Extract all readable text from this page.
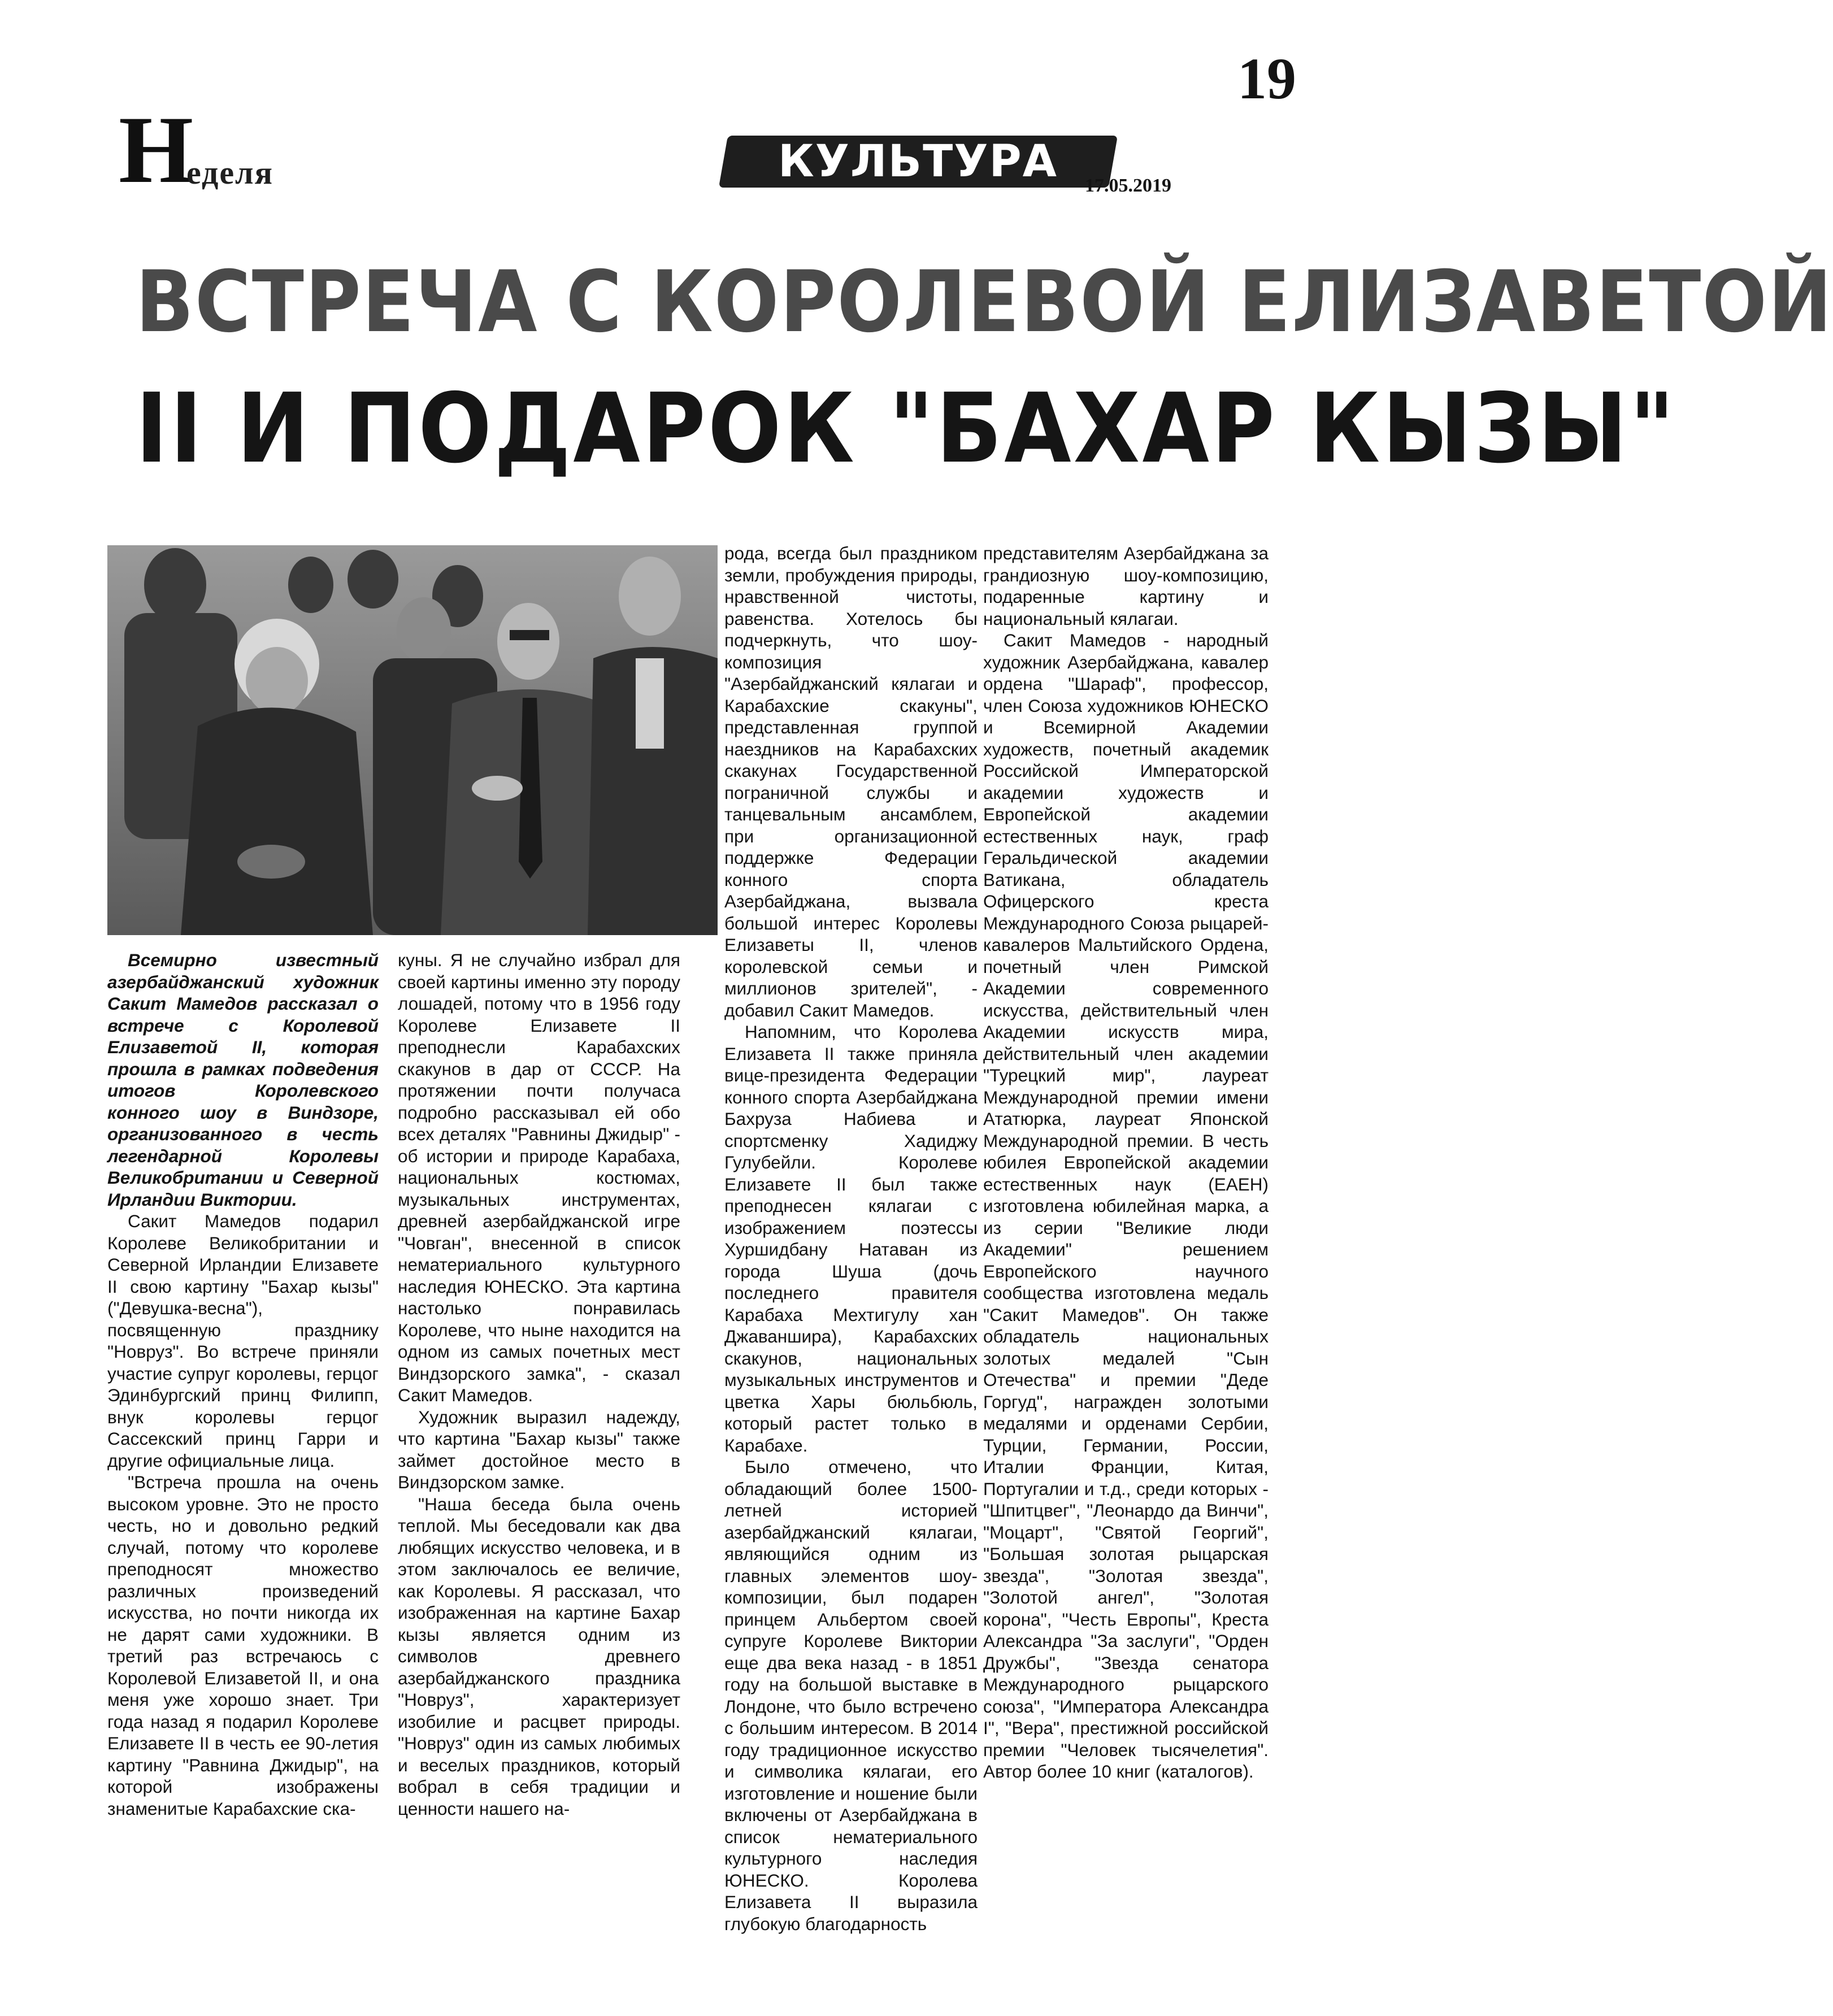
19
Н
еделя	КУЛЬТУРА 17.05.2019
ВСТРЕЧА С КОРОЛЕВОЙ ЕЛИЗАВЕТОЙ
II И ПОДАРОК "БАХАР КЫЗЫ"

Всемирно известный азербайджанский художник Сакит Мамедов рассказал о встрече с Королевой Елизаветой II, которая прошла в рамках подведения итогов Королевского конного шоу в Виндзоре, организованного в честь легендарной Королевы Великобритании и Северной Ирландии Виктории.

Сакит Мамедов подарил Королеве Великобритании и Северной Ирландии Елизавете II свою картину "Бахар кызы" ("Девушка-весна"), посвященную празднику "Новруз". Во встрече приняли участие супруг королевы, герцог Эдинбургский принц Филипп, внук королевы герцог Сассекский принц Гарри и другие официальные лица.

"Встреча прошла на очень высоком уровне. Это не просто честь, но и довольно редкий случай, потому что королеве преподносят множество различных произведений искусства, но почти никогда их не дарят сами художники. В третий раз встречаюсь с Королевой Елизаветой II, и она меня уже хорошо знает. Три года назад я подарил Королеве Елизавете II в честь ее 90-летия картину "Равнина Джидыр", на которой изображены знаменитые Карабахские ска-

куны. Я не случайно избрал для своей картины именно эту породу лошадей, потому что в 1956 году Королеве Елизавете II преподнесли Карабахских скакунов в дар от СССР. На протяжении почти получаса подробно рассказывал ей обо всех деталях "Равнины Джидыр" - об истории и природе Карабаха, национальных костюмах, музыкальных инструментах, древней азербайджанской игре "Човган", внесенной в список нематериального культурного наследия ЮНЕСКО. Эта картина настолько понравилась Королеве, что ныне находится на одном из самых почетных мест Виндзорского замка", - сказал Сакит Мамедов.

Художник выразил надежду, что картина "Бахар кызы" также займет достойное место в Виндзорском замке.

"Наша беседа была очень теплой. Мы беседовали как два любящих искусство человека, и в этом заключалось ее величие, как Королевы. Я рассказал, что изображенная на картине Бахар кызы является одним из символов древнего азербайджанского праздника "Новруз", характеризует изобилие и расцвет природы. "Новруз" один из самых любимых и веселых праздников, который вобрал в себя традиции и ценности нашего на-

рода, всегда был праздником земли, пробуждения природы, нравственной чистоты, равенства. Хотелось бы подчеркнуть, что шоу-композиция "Азербайджанский кялагаи и Карабахские скакуны", представленная группой наездников на Карабахских скакунах Государственной пограничной службы и танцевальным ансамблем, при организационной поддержке Федерации конного спорта Азербайджана, вызвала большой интерес Королевы Елизаветы II, членов королевской семьи и миллионов зрителей", - добавил Сакит Мамедов.

Напомним, что Королева Елизавета II также приняла вице-президента Федерации конного спорта Азербайджана Бахруза Набиева и спортсменку Хадиджу Гулубейли. Королеве Елизавете II был также преподнесен кялагаи с изображением поэтессы Хуршидбану Натаван из города Шуша (дочь последнего правителя Карабаха Мехтигулу хан Джаваншира), Карабахских скакунов, национальных музыкальных инструментов и цветка Хары бюльбюль, который растет только в Карабахе.

Было отмечено, что обладающий более 1500-летней историей азербайджанский кялагаи, являющийся одним из главных элементов шоу-композиции, был подарен принцем Альбертом своей супруге Королеве Виктории еще два века назад - в 1851 году на большой выставке в Лондоне, что было встречено с большим интересом. В 2014 году традиционное искусство и символика кялагаи, его изготовление и ношение были включены от Азербайджана в список нематериального культурного наследия ЮНЕСКО. Королева Елизавета II выразила глубокую благодарность

представителям Азербайджана за грандиозную шоу-композицию, подаренные картину и национальный кялагаи.

Сакит Мамедов - народный художник Азербайджана, кавалер ордена "Шараф", профессор, член Союза художников ЮНЕСКО и Всемирной Академии художеств, почетный академик Российской Императорской академии художеств и Европейской академии естественных наук, граф Геральдической академии Ватикана, обладатель Офицерского креста Международного Союза рыцарей-кавалеров Мальтийского Ордена, почетный член Римской Академии современного искусства, действительный член Академии искусств мира, действительный член академии "Турецкий мир", лауреат Международной премии имени Ататюрка, лауреат Японской Международной премии. В честь юбилея Европейской академии естественных наук (ЕАЕН) изготовлена юбилейная марка, а из серии "Великие люди Академии" решением Европейского научного сообщества изготовлена медаль "Сакит Мамедов". Он также обладатель национальных золотых медалей "Сын Отечества" и премии "Деде Горгуд", награжден золотыми медалями и орденами Сербии, Турции, Германии, России, Италии Франции, Китая, Португалии и т.д., среди которых - "Шпитцвег", "Леонардо да Винчи", "Моцарт", "Святой Георгий", "Большая золотая рыцарская звезда", "Золотая звезда", "Золотой ангел", "Золотая корона", "Честь Европы", Креста Александра "За заслуги", "Орден Дружбы", "Звезда сенатора Международного рыцарского союза", "Императора Александра I", "Вера", престижной российской премии "Человек тысячелетия". Автор более 10 книг (каталогов).
